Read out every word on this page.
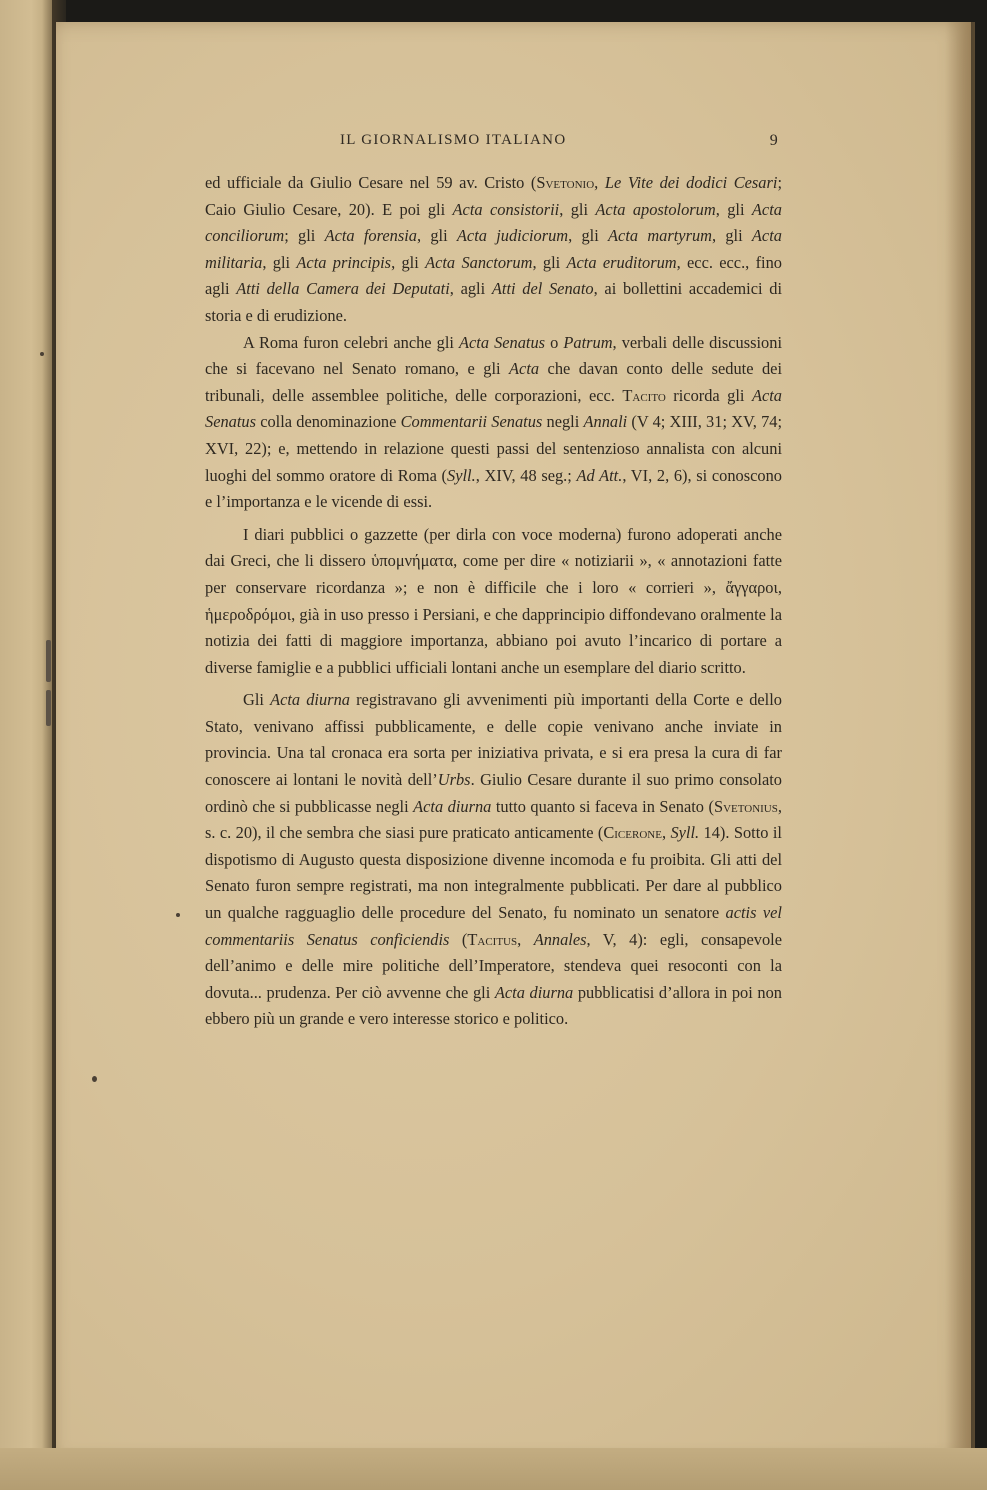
IL GIORNALISMO ITALIANO	9

ed ufficiale da Giulio Cesare nel 59 av. Cristo (Svetonio, Le Vite dei dodici Cesari; Caio Giulio Cesare, 20). E poi gli Acta consistorii, gli Acta apostolorum, gli Acta conciliorum; gli Acta forensia, gli Acta judiciorum, gli Acta martyrum, gli Acta militaria, gli Acta principis, gli Acta Sanctorum, gli Acta eruditorum, ecc. ecc., fino agli Atti della Camera dei Deputati, agli Atti del Senato, ai bollettini accademici di storia e di erudizione.

A Roma furon celebri anche gli Acta Senatus o Patrum, verbali delle discussioni che si facevano nel Senato romano, e gli Acta che davan conto delle sedute dei tribunali, delle assemblee politiche, delle corporazioni, ecc. Tacito ricorda gli Acta Senatus colla denominazione Commentarii Senatus negli Annali (V 4; XIII, 31; XV, 74; XVI, 22); e, mettendo in relazione questi passi del sentenzioso annalista con alcuni luoghi del sommo oratore di Roma (Syll., XIV, 48 seg.; Ad Att., VI, 2, 6), si conoscono e l’importanza e le vicende di essi.

I diari pubblici o gazzette (per dirla con voce moderna) furono adoperati anche dai Greci, che li dissero ὑπομνήματα, come per dire « notiziarii », « annotazioni fatte per conservare ricordanza »; e non è difficile che i loro « corrieri », ἄγγαροι, ἡμεροδρόμοι, già in uso presso i Persiani, e che dapprincipio diffondevano oralmente la notizia dei fatti di maggiore importanza, abbiano poi avuto l’incarico di portare a diverse famiglie e a pubblici ufficiali lontani anche un esemplare del diario scritto.

Gli Acta diurna registravano gli avvenimenti più importanti della Corte e dello Stato, venivano affissi pubblicamente, e delle copie venivano anche inviate in provincia. Una tal cronaca era sorta per iniziativa privata, e si era presa la cura di far conoscere ai lontani le novità dell’Urbs. Giulio Cesare durante il suo primo consolato ordinò che si pubblicasse negli Acta diurna tutto quanto si faceva in Senato (Svetonius, s. c. 20), il che sembra che siasi pure praticato anticamente (Cicerone, Syll. 14). Sotto il dispotismo di Augusto questa disposizione divenne incomoda e fu proibita. Gli atti del Senato furon sempre registrati, ma non integralmente pubblicati. Per dare al pubblico un qualche ragguaglio delle procedure del Senato, fu nominato un senatore actis vel commentariis Senatus conficiendis (Tacitus, Annales, V, 4): egli, consapevole dell’animo e delle mire politiche dell’Imperatore, stendeva quei resoconti con la dovuta... prudenza. Per ciò avvenne che gli Acta diurna pubblicatisi d’allora in poi non ebbero più un grande e vero interesse storico e politico.
